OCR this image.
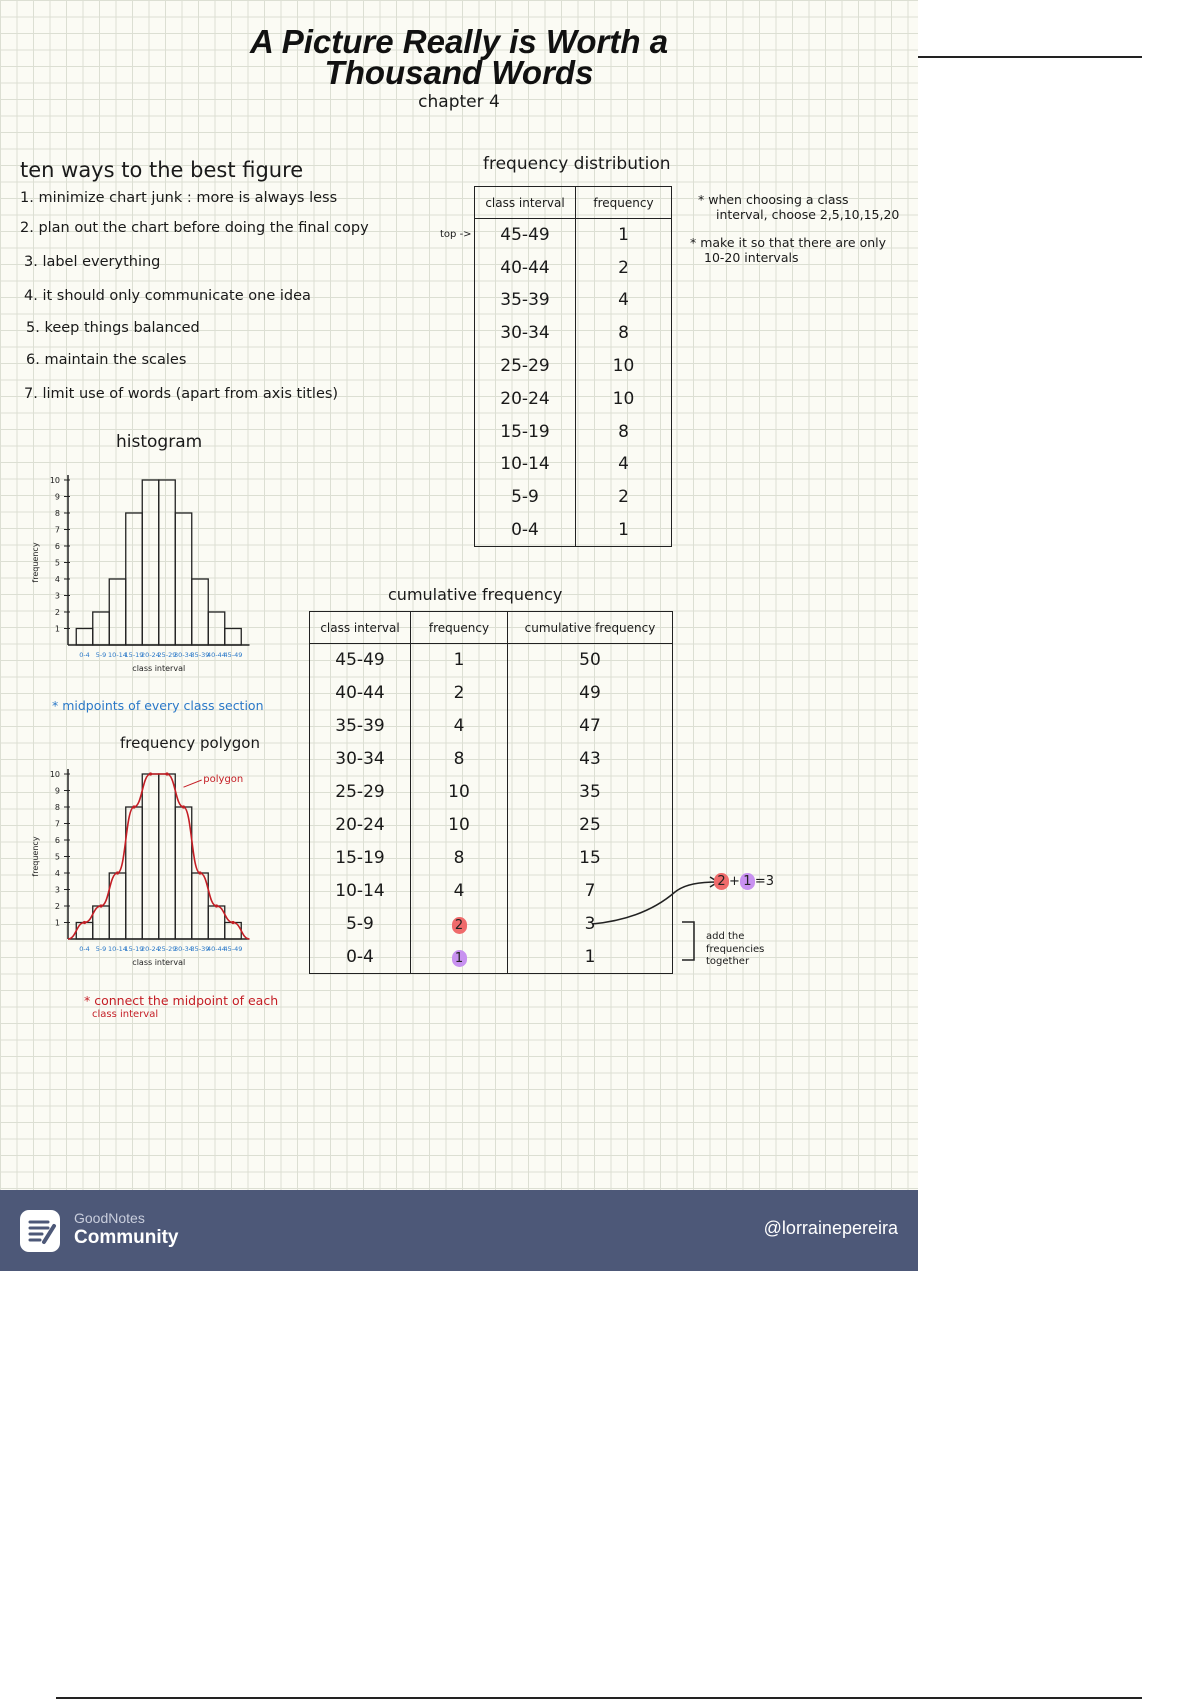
A Picture Really is Worth a
Thousand Words
chapter 4
ten ways to the best figure
1. minimize chart junk : more is always less
2. plan out the chart before doing the final copy
3. label everything
4. it should only communicate one idea
5. keep things balanced
6. maintain the scales
7. limit use of words (apart from axis titles)
frequency distribution
top ->
class interval	frequency
45-49	1
40-44	2
35-39	4
30-34	8
25-29	10
20-24	10
15-19	8
10-14	4
5-9	2
0-4	1
* when choosing a class
interval, choose 2,5,10,15,20
* make it so that there are only
10-20 intervals
histogram
1
2
3
4
5
6
7
8
9
10
0-4 5-9 10-14
15-19
20-24
25-29
30-34
35-39
40-44
45-49
class interval
frequency
* midpoints of every class section
frequency polygon
1
2
3
4
5
6
7
8
9
10
0-4 5-9 10-14
15-19
20-24
25-29
30-34
35-39
40-44
45-49
class interval
frequency
polygon
* connect the midpoint of each
class interval
cumulative frequency
class interval	frequency	cumulative frequency
45-49	1	50
40-44	2	49
35-39	4	47
30-34	8	43
25-29	10	35
20-24	10	25
15-19	8	15
10-14	4	7
5-9	2	3
0-4	1	1
2 + 1 =3
add the
frequencies
together
GoodNotes
Community	@lorrainepereira
